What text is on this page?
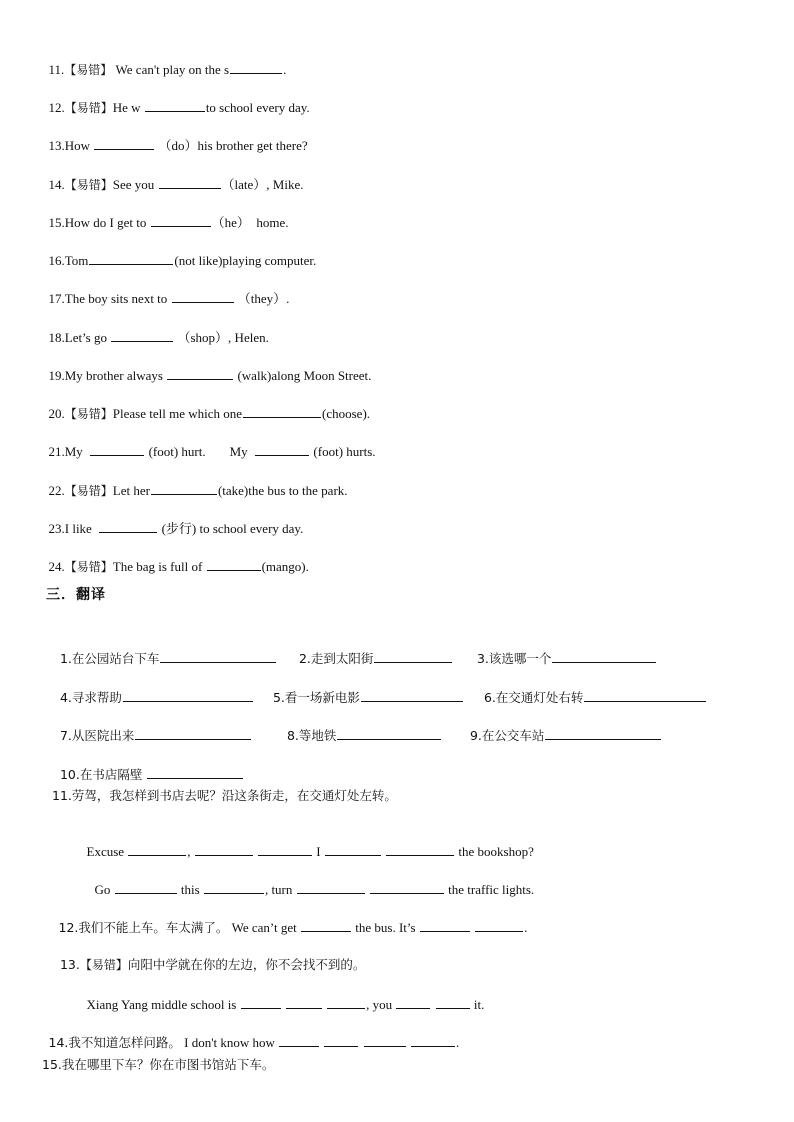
11.【易错】 We can't play on the s	.

12.【易错】He w	to school every day.

13.How	（do）his brother get there?

14.【易错】See you	（late）, Mike.

15.How do I get to	（he）  home.

16.Tom	(not like)playing computer.

17.The boy sits next to	（they）.

18.Let’s go	（shop）, Helen.

19.My brother always	(walk)along Moon Street.

20.【易错】Please tell me which one	(choose).

21.My	(foot) hurt. My	(foot) hurts.

22.【易错】Let her	(take)the bus to the park.

23.I like	(步行) to school every day.

24.【易错】The bag is full of	(mango).

三．翻译

1.在公园站台下车	2.走到太阳街	3.该选哪一个

4.寻求帮助	5.看一场新电影	6.在交通灯处右转

7.从医院出来	8.等地铁	9.在公交车站

10.在书店隔壁

11.劳驾，我怎样到书店去呢？沿这条街走，在交通灯处左转。

Excuse	,	I	the bookshop?

Go	this	, turn	the traffic lights.

12.我们不能上车。车太满了。 We can’t get	the bus. It’s	.

13.【易错】向阳中学就在你的左边，你不会找不到的。

Xiang Yang middle school is	, you	it.

14.我不知道怎样问路。 I don't know how	.

15.我在哪里下车？你在市图书馆站下车。
